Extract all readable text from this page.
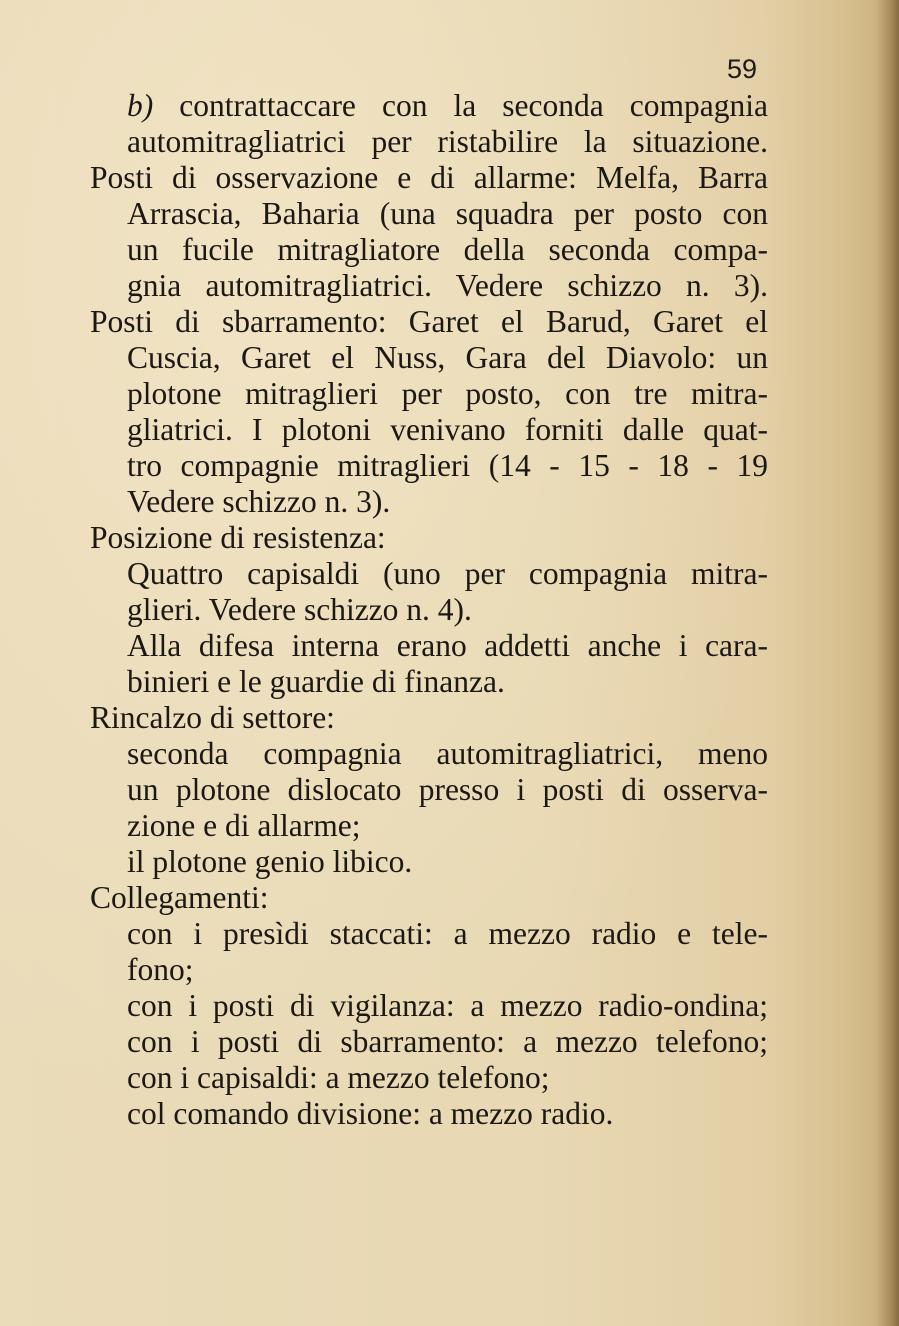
59
b) contrattaccare con la seconda compagnia
automitragliatrici per ristabilire la situazione.
Posti di osservazione e di allarme: Melfa, Barra
Arrascia, Baharia (una squadra per posto con
un fucile mitragliatore della seconda compa-
gnia automitragliatrici. Vedere schizzo n. 3).
Posti di sbarramento: Garet el Barud, Garet el
Cuscia, Garet el Nuss, Gara del Diavolo: un
plotone mitraglieri per posto, con tre mitra-
gliatrici. I plotoni venivano forniti dalle quat-
tro compagnie mitraglieri (14 - 15 - 18 - 19
Vedere schizzo n. 3).
Posizione di resistenza:
Quattro capisaldi (uno per compagnia mitra-
glieri. Vedere schizzo n. 4).
Alla difesa interna erano addetti anche i cara-
binieri e le guardie di finanza.
Rincalzo di settore:
seconda compagnia automitragliatrici, meno
un plotone dislocato presso i posti di osserva-
zione e di allarme;
il plotone genio libico.
Collegamenti:
con i presìdi staccati: a mezzo radio e tele-
fono;
con i posti di vigilanza: a mezzo radio-ondina;
con i posti di sbarramento: a mezzo telefono;
con i capisaldi: a mezzo telefono;
col comando divisione: a mezzo radio.
